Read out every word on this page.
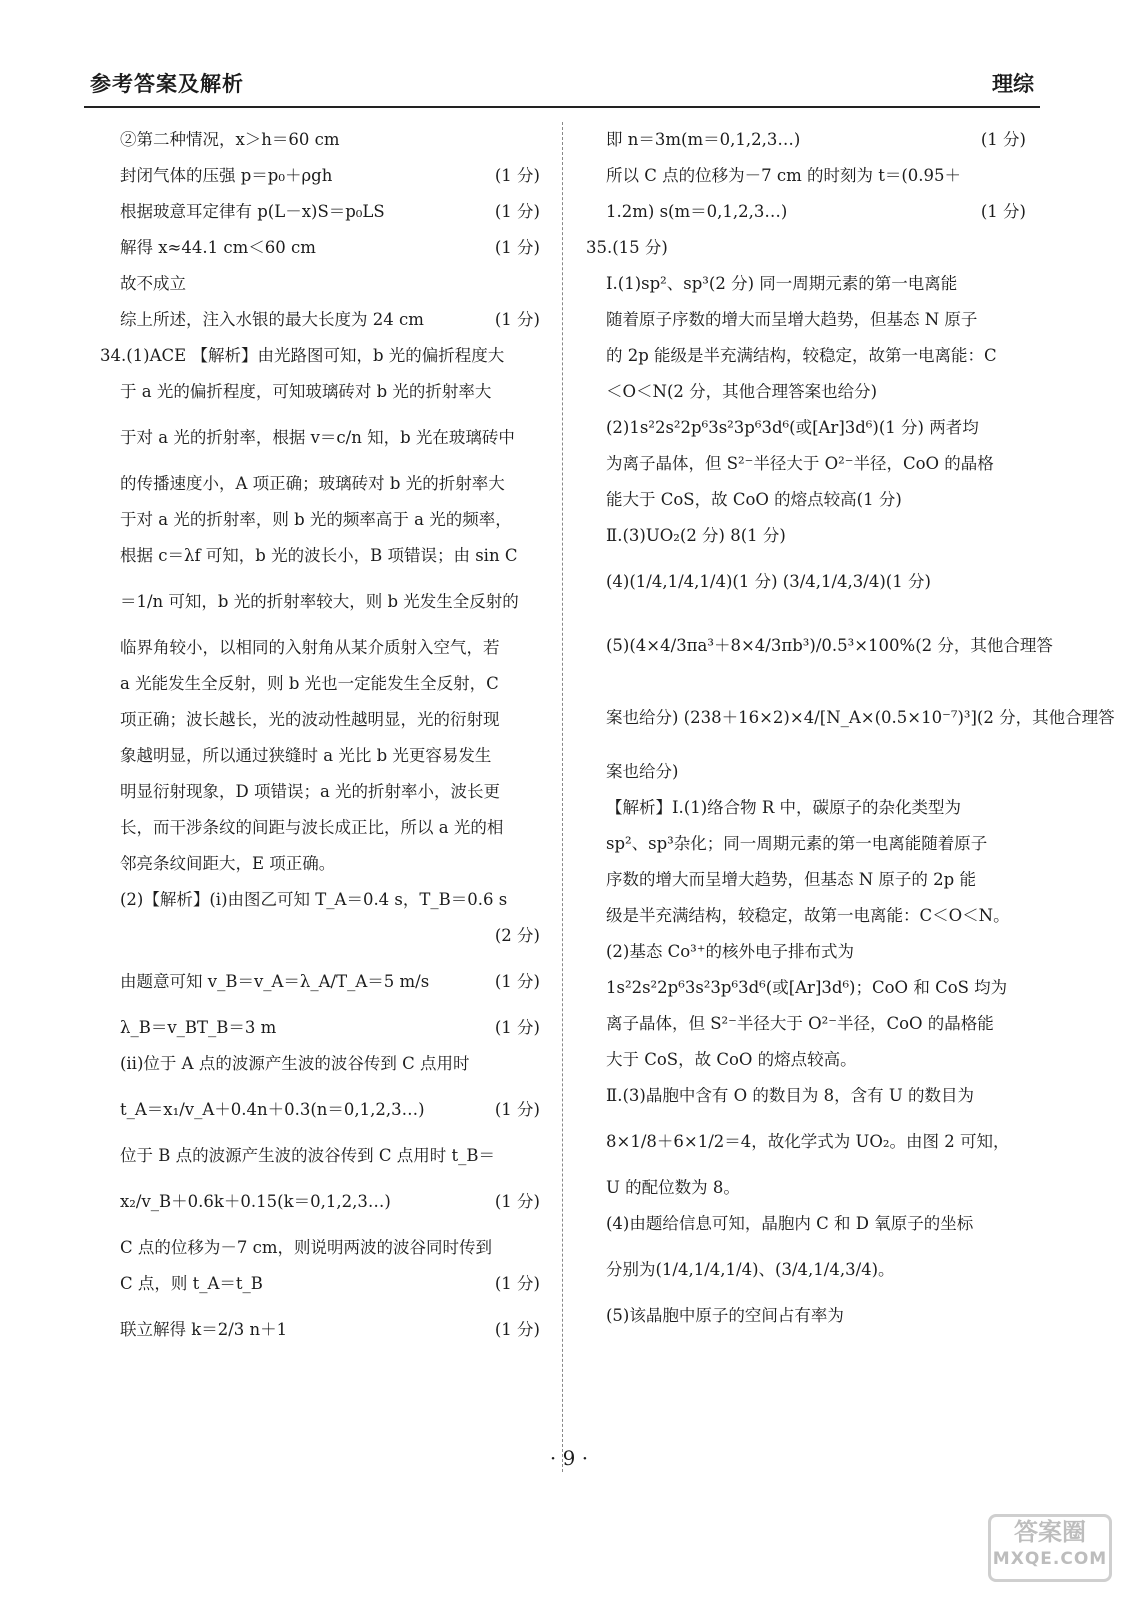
参考答案及解析	理综
②第二种情况，x＞h＝60 cm
封闭气体的压强 p＝p₀＋ρgh	(1 分)
根据玻意耳定律有 p(L－x)S＝p₀LS	(1 分)
解得 x≈44.1 cm＜60 cm	(1 分)
故不成立
综上所述，注入水银的最大长度为 24 cm	(1 分)
34.(1)ACE 【解析】由光路图可知，b 光的偏折程度大
于 a 光的偏折程度，可知玻璃砖对 b 光的折射率大
于对 a 光的折射率，根据 v＝c/n 知，b 光在玻璃砖中
的传播速度小，A 项正确；玻璃砖对 b 光的折射率大
于对 a 光的折射率，则 b 光的频率高于 a 光的频率，
根据 c＝λf 可知，b 光的波长小，B 项错误；由 sin C
＝1/n 可知，b 光的折射率较大，则 b 光发生全反射的
临界角较小，以相同的入射角从某介质射入空气，若
a 光能发生全反射，则 b 光也一定能发生全反射，C
项正确；波长越长，光的波动性越明显，光的衍射现
象越明显，所以通过狭缝时 a 光比 b 光更容易发生
明显衍射现象，D 项错误；a 光的折射率小，波长更
长，而干涉条纹的间距与波长成正比，所以 a 光的相
邻亮条纹间距大，E 项正确。
(2)【解析】(ⅰ)由图乙可知 T_A＝0.4 s，T_B＝0.6 s
(2 分)
由题意可知 v_B＝v_A＝λ_A/T_A＝5 m/s	(1 分)
λ_B＝v_BT_B＝3 m	(1 分)
(ⅱ)位于 A 点的波源产生波的波谷传到 C 点用时
t_A＝x₁/v_A＋0.4n＋0.3(n＝0,1,2,3…)	(1 分)
位于 B 点的波源产生波的波谷传到 C 点用时 t_B＝
x₂/v_B＋0.6k＋0.15(k＝0,1,2,3…)	(1 分)
C 点的位移为－7 cm，则说明两波的波谷同时传到
C 点，则 t_A＝t_B	(1 分)
联立解得 k＝2/3 n＋1	(1 分)
即 n＝3m(m＝0,1,2,3…)	(1 分)
所以 C 点的位移为－7 cm 的时刻为 t＝(0.95＋
1.2m) s(m＝0,1,2,3…)	(1 分)
35.(15 分)
Ⅰ.(1)sp²、sp³(2 分) 同一周期元素的第一电离能
随着原子序数的增大而呈增大趋势，但基态 N 原子
的 2p 能级是半充满结构，较稳定，故第一电离能：C
＜O＜N(2 分，其他合理答案也给分)
(2)1s²2s²2p⁶3s²3p⁶3d⁶(或[Ar]3d⁶)(1 分) 两者均
为离子晶体，但 S²⁻半径大于 O²⁻半径，CoO 的晶格
能大于 CoS，故 CoO 的熔点较高(1 分)
Ⅱ.(3)UO₂(2 分) 8(1 分)
(4)(1/4,1/4,1/4)(1 分) (3/4,1/4,3/4)(1 分)
(5)(4×4/3πa³＋8×4/3πb³)/0.5³×100%(2 分，其他合理答
案也给分) (238＋16×2)×4/[N_A×(0.5×10⁻⁷)³](2 分，其他合理答
案也给分)
【解析】Ⅰ.(1)络合物 R 中，碳原子的杂化类型为
sp²、sp³杂化；同一周期元素的第一电离能随着原子
序数的增大而呈增大趋势，但基态 N 原子的 2p 能
级是半充满结构，较稳定，故第一电离能：C＜O＜N。
(2)基态 Co³⁺的核外电子排布式为
1s²2s²2p⁶3s²3p⁶3d⁶(或[Ar]3d⁶)；CoO 和 CoS 均为
离子晶体，但 S²⁻半径大于 O²⁻半径，CoO 的晶格能
大于 CoS，故 CoO 的熔点较高。
Ⅱ.(3)晶胞中含有 O 的数目为 8，含有 U 的数目为
8×1/8＋6×1/2＝4，故化学式为 UO₂。由图 2 可知，
U 的配位数为 8。
(4)由题给信息可知，晶胞内 C 和 D 氧原子的坐标
分别为(1/4,1/4,1/4)、(3/4,1/4,3/4)。
(5)该晶胞中原子的空间占有率为
· 9 ·
答案圈
MXQE.COM
